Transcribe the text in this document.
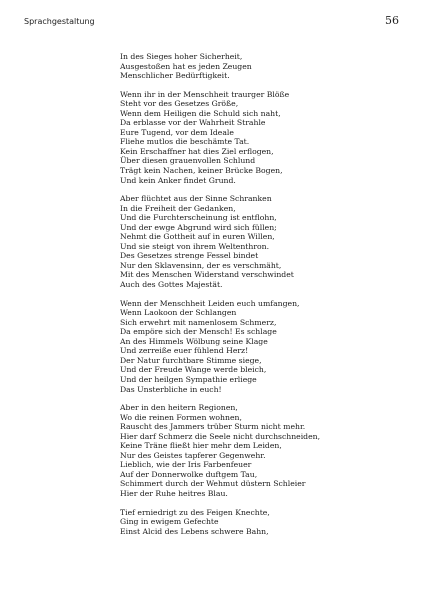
Sprachgestaltung	56
In des Sieges hoher Sicherheit,
Ausgestoßen hat es jeden Zeugen
Menschlicher Bedürftigkeit.
Wenn ihr in der Menschheit traurger Blöße
Steht vor des Gesetzes Größe,
Wenn dem Heiligen die Schuld sich naht,
Da erblasse vor der Wahrheit Strahle
Eure Tugend, vor dem Ideale
Fliehe mutlos die beschämte Tat.
Kein Erschaffner hat dies Ziel erflogen,
Über diesen grauenvollen Schlund
Trägt kein Nachen, keiner Brücke Bogen,
Und kein Anker findet Grund.
Aber flüchtet aus der Sinne Schranken
In die Freiheit der Gedanken,
Und die Furchterscheinung ist entflohn,
Und der ewge Abgrund wird sich füllen;
Nehmt die Gottheit auf in euren Willen,
Und sie steigt von ihrem Weltenthron.
Des Gesetzes strenge Fessel bindet
Nur den Sklavensinn, der es verschmäht,
Mit des Menschen Widerstand verschwindet
Auch des Gottes Majestät.
Wenn der Menschheit Leiden euch umfangen,
Wenn Laokoon der Schlangen
Sich erwehrt mit namenlosem Schmerz,
Da empöre sich der Mensch! Es schlage
An des Himmels Wölbung seine Klage
Und zerreiße euer fühlend Herz!
Der Natur furchtbare Stimme siege,
Und der Freude Wange werde bleich,
Und der heilgen Sympathie erliege
Das Unsterbliche in euch!
Aber in den heitern Regionen,
Wo die reinen Formen wohnen,
Rauscht des Jammers trüber Sturm nicht mehr.
Hier darf Schmerz die Seele nicht durchschneiden,
Keine Träne fließt hier mehr dem Leiden,
Nur des Geistes tapferer Gegenwehr.
Lieblich, wie der Iris Farbenfeuer
Auf der Donnerwolke duftgem Tau,
Schimmert durch der Wehmut düstern Schleier
Hier der Ruhe heitres Blau.
Tief erniedrigt zu des Feigen Knechte,
Ging in ewigem Gefechte
Einst Alcid des Lebens schwere Bahn,
